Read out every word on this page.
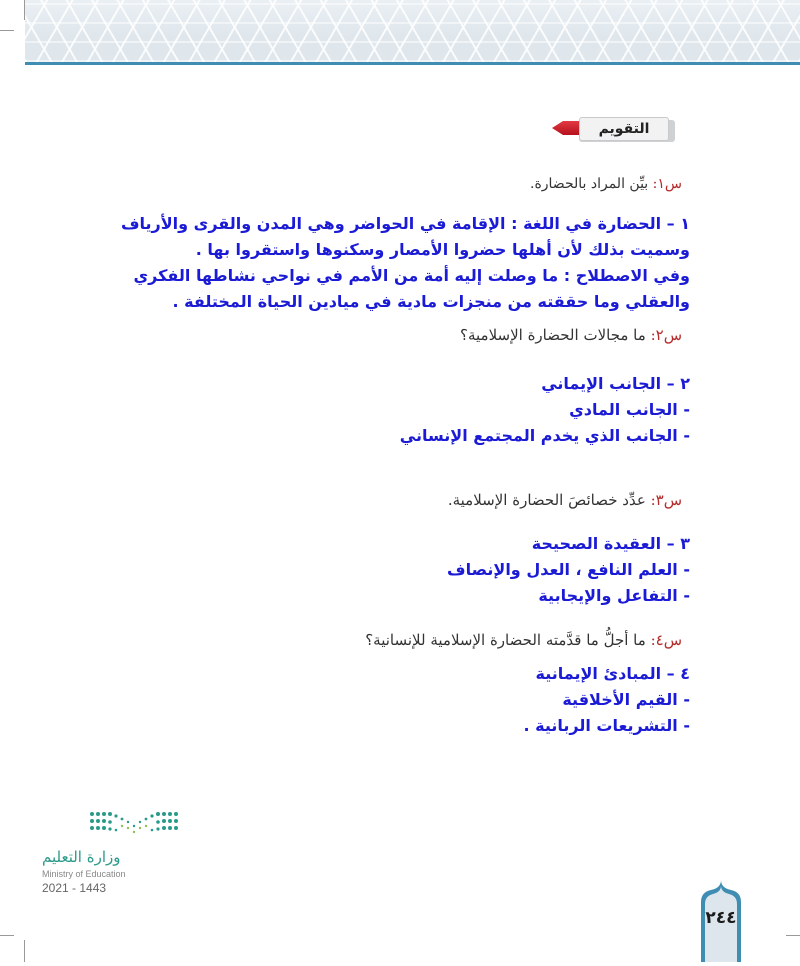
التقويم
س١: بيِّن المراد بالحضارة.
١ – الحضارة في اللغة : الإقامة في الحواضر وهي المدن والقرى والأرياف
وسميت بذلك لأن أهلها حضروا الأمصار وسكنوها واستقروا بها .
وفي الاصطلاح : ما وصلت إليه أمة من الأمم في نواحي نشاطها الفكري
والعقلي وما حققته من منجزات مادية في ميادين الحياة المختلفة .
س٢: ما مجالات الحضارة الإسلامية؟
٢ – الجانب الإيماني
- الجانب المادي
- الجانب الذي يخدم المجتمع الإنساني
س٣: عدِّد خصائصَ الحضارة الإسلامية.
٣ – العقيدة الصحيحة
- العلم النافع ، العدل والإنصاف
- التفاعل والإيجابية
س٤: ما أجلُّ ما قدَّمته الحضارة الإسلامية للإنسانية؟
٤ – المبادئ الإيمانية
- القيم الأخلاقية
- التشريعات الربانية .
وزارة التعليم
Ministry of Education
2021 - 1443
٢٤٤
